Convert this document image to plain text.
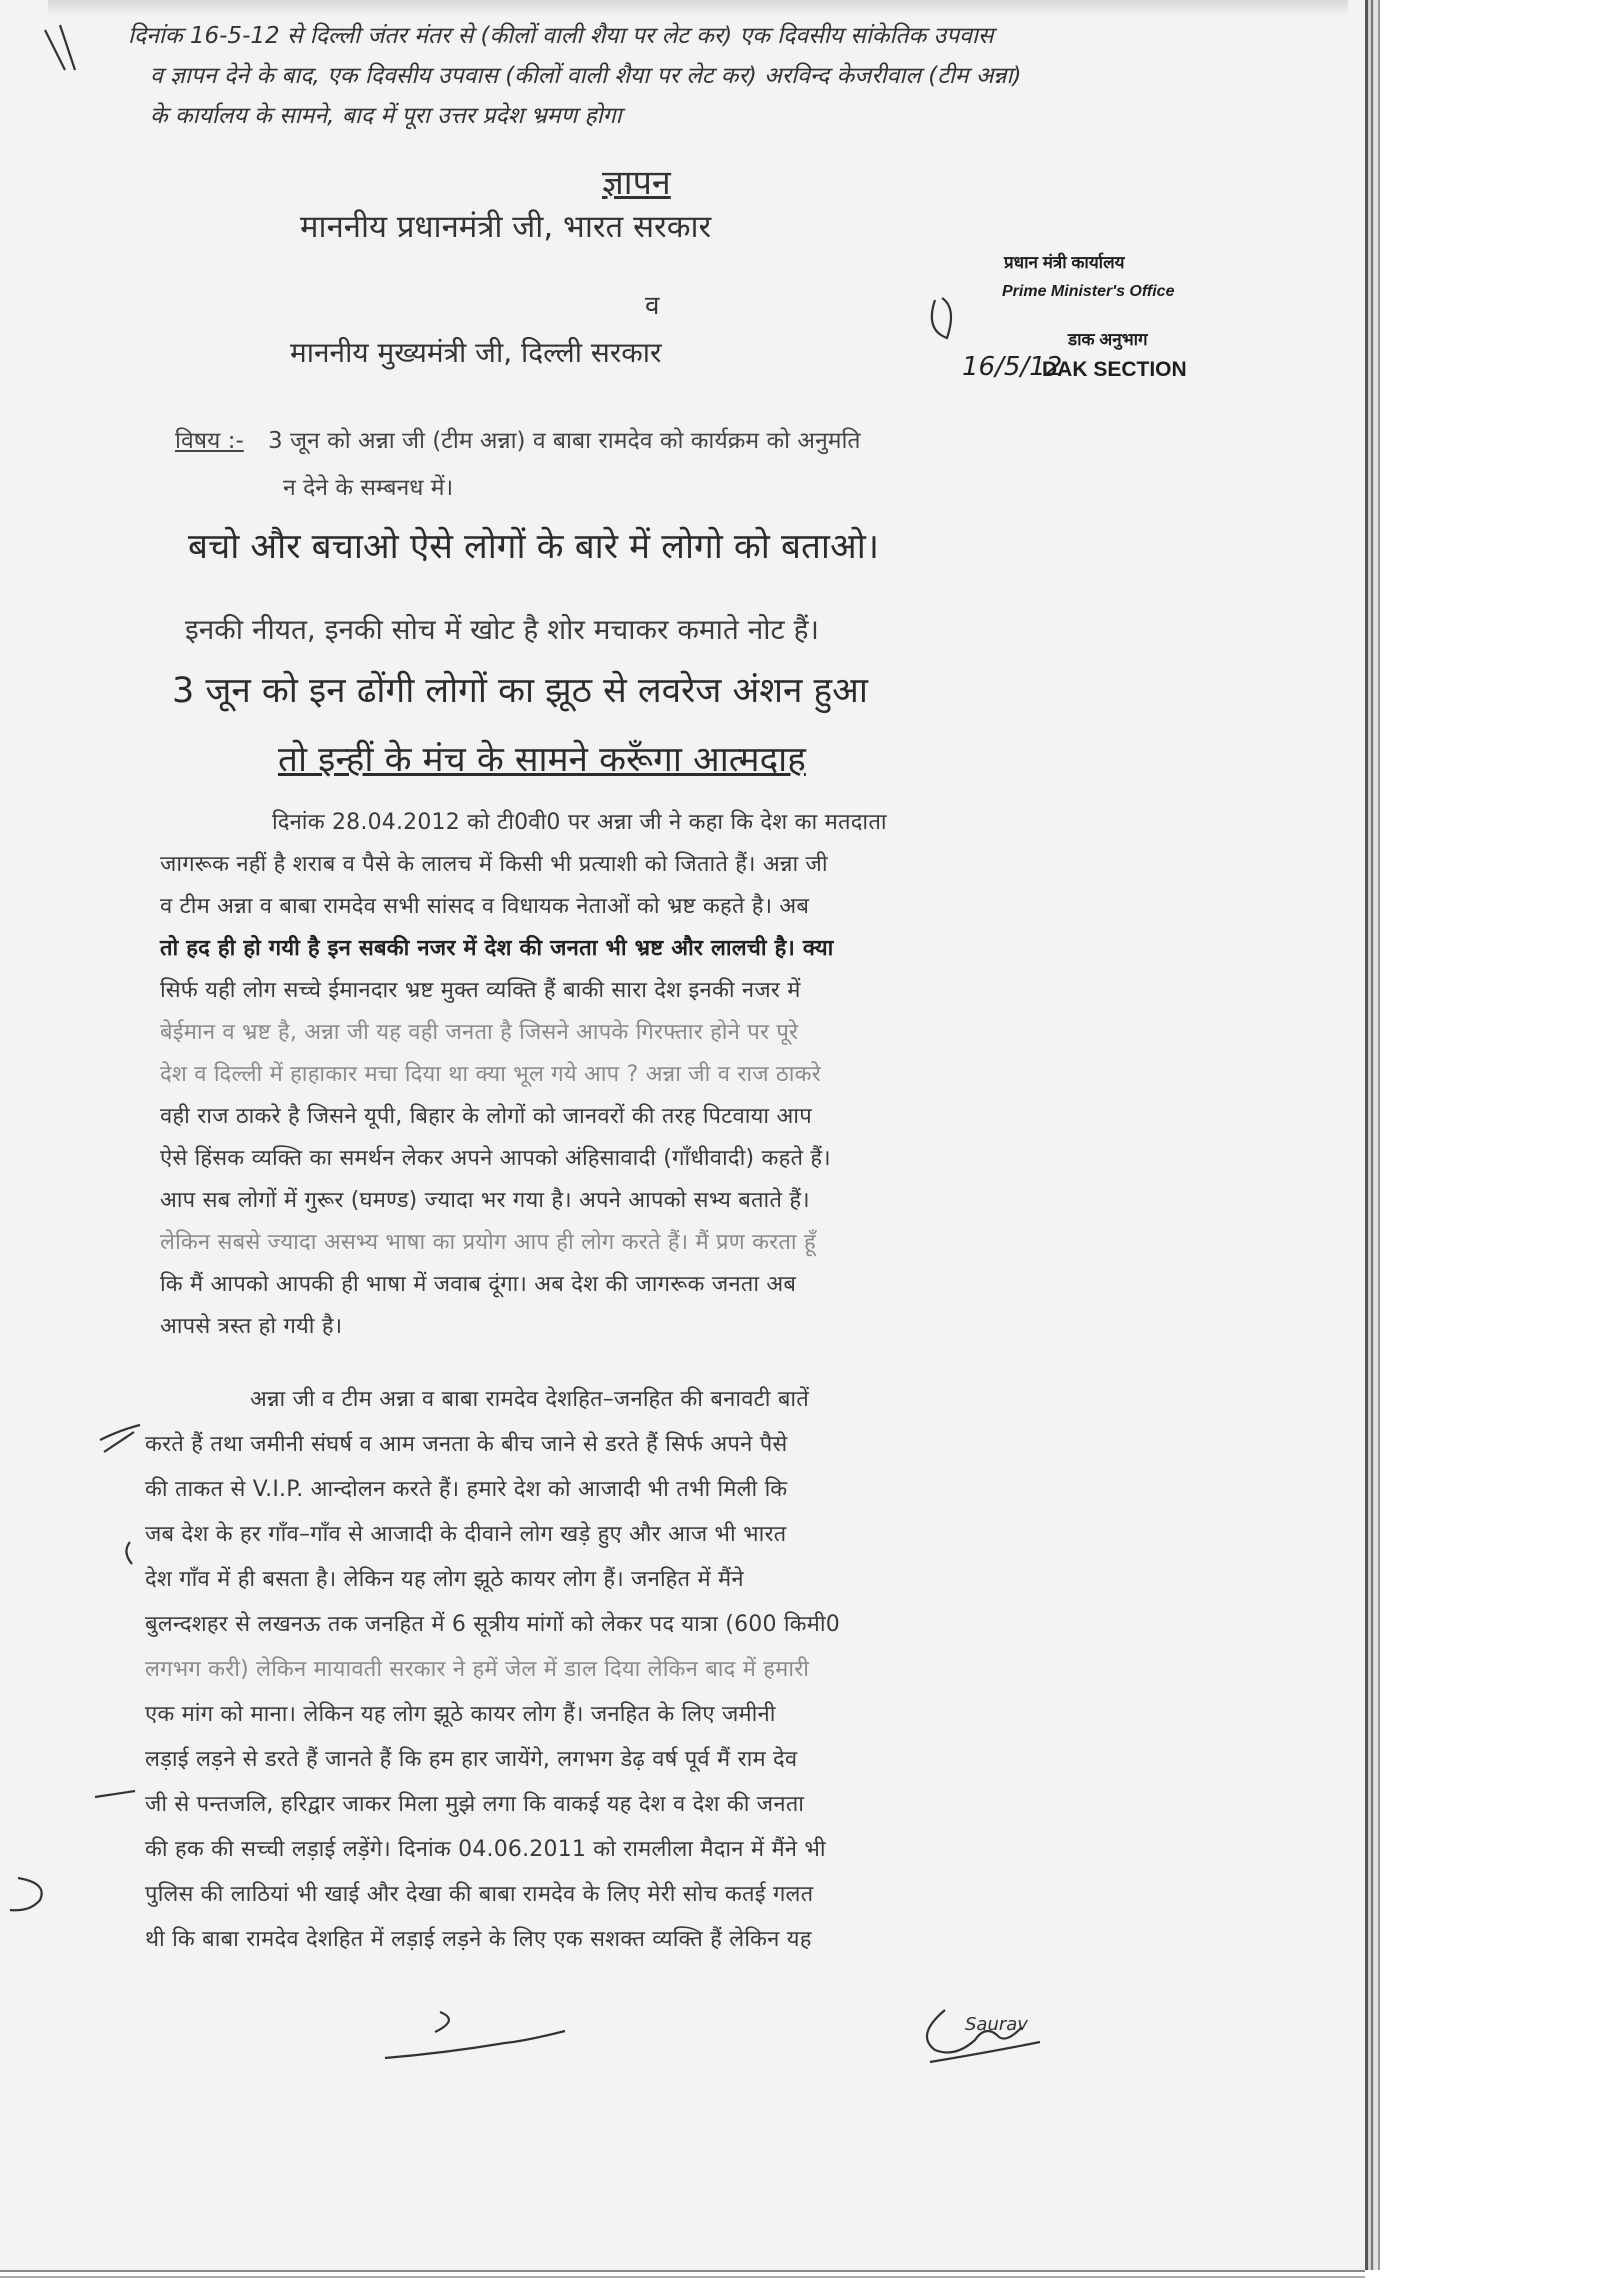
दिनांक 16-5-12 से दिल्ली जंतर मंतर से (कीलों वाली शैया पर लेट कर) एक दिवसीय सांकेतिक उपवास
व ज्ञापन देने के बाद, एक दिवसीय उपवास (कीलों वाली शैया पर लेट कर) अरविन्द केजरीवाल (टीम अन्ना)
के कार्यालय के सामने, बाद में पूरा उत्तर प्रदेश भ्रमण होगा
ज्ञापन
माननीय प्रधानमंत्री जी, भारत सरकार
व
माननीय मुख्यमंत्री जी, दिल्ली सरकार
प्रधान मंत्री कार्यालय
Prime Minister's Office
डाक अनुभाग
16/5/12
DAK SECTION
विषय :- 3 जून को अन्ना जी (टीम अन्ना) व बाबा रामदेव को कार्यक्रम को अनुमति
न देने के सम्बनध में।
बचो और बचाओ ऐसे लोगों के बारे में लोगो को बताओ।
इनकी नीयत, इनकी सोच में खोट है शोर मचाकर कमाते नोट हैं।
3 जून को इन ढोंगी लोगों का झूठ से लवरेज अंशन हुआ
तो इन्हीं के मंच के सामने करूँगा आत्मदाह
दिनांक 28.04.2012 को टी0वी0 पर अन्ना जी ने कहा कि देश का मतदाता
जागरूक नहीं है शराब व पैसे के लालच में किसी भी प्रत्याशी को जिताते हैं। अन्ना जी
व टीम अन्ना व बाबा रामदेव सभी सांसद व विधायक नेताओं को भ्रष्ट कहते है। अब
तो हद ही हो गयी है इन सबकी नजर में देश की जनता भी भ्रष्ट और लालची है। क्या
सिर्फ यही लोग सच्चे ईमानदार भ्रष्ट मुक्त व्यक्ति हैं बाकी सारा देश इनकी नजर में
बेईमान व भ्रष्ट है, अन्ना जी यह वही जनता है जिसने आपके गिरफ्तार होने पर पूरे
देश व दिल्ली में हाहाकार मचा दिया था क्या भूल गये आप ? अन्ना जी व राज ठाकरे
वही राज ठाकरे है जिसने यूपी, बिहार के लोगों को जानवरों की तरह पिटवाया आप
ऐसे हिंसक व्यक्ति का समर्थन लेकर अपने आपको अंहिसावादी (गाँधीवादी) कहते हैं।
आप सब लोगों में गुरूर (घमण्ड) ज्यादा भर गया है। अपने आपको सभ्य बताते हैं।
लेकिन सबसे ज्यादा असभ्य भाषा का प्रयोग आप ही लोग करते हैं। मैं प्रण करता हूँ
कि मैं आपको आपकी ही भाषा में जवाब दूंगा। अब देश की जागरूक जनता अब
आपसे त्रस्त हो गयी है।
अन्ना जी व टीम अन्ना व बाबा रामदेव देशहित–जनहित की बनावटी बातें
करते हैं तथा जमीनी संघर्ष व आम जनता के बीच जाने से डरते हैं सिर्फ अपने पैसे
की ताकत से V.I.P. आन्दोलन करते हैं। हमारे देश को आजादी भी तभी मिली कि
जब देश के हर गाँव–गाँव से आजादी के दीवाने लोग खड़े हुए और आज भी भारत
देश गाँव में ही बसता है। लेकिन यह लोग झूठे कायर लोग हैं। जनहित में मैंने
बुलन्दशहर से लखनऊ तक जनहित में 6 सूत्रीय मांगों को लेकर पद यात्रा (600 किमी0
लगभग करी) लेकिन मायावती सरकार ने हमें जेल में डाल दिया लेकिन बाद में हमारी
एक मांग को माना। लेकिन यह लोग झूठे कायर लोग हैं। जनहित के लिए जमीनी
लड़ाई लड़ने से डरते हैं जानते हैं कि हम हार जायेंगे, लगभग डेढ़ वर्ष पूर्व मैं राम देव
जी से पन्तजलि, हरिद्वार जाकर मिला मुझे लगा कि वाकई यह देश व देश की जनता
की हक की सच्ची लड़ाई लड़ेंगे। दिनांक 04.06.2011 को रामलीला मैदान में मैंने भी
पुलिस की लाठियां भी खाई और देखा की बाबा रामदेव के लिए मेरी सोच कतई गलत
थी कि बाबा रामदेव देशहित में लड़ाई लड़ने के लिए एक सशक्त व्यक्ति हैं लेकिन यह
Saurav
